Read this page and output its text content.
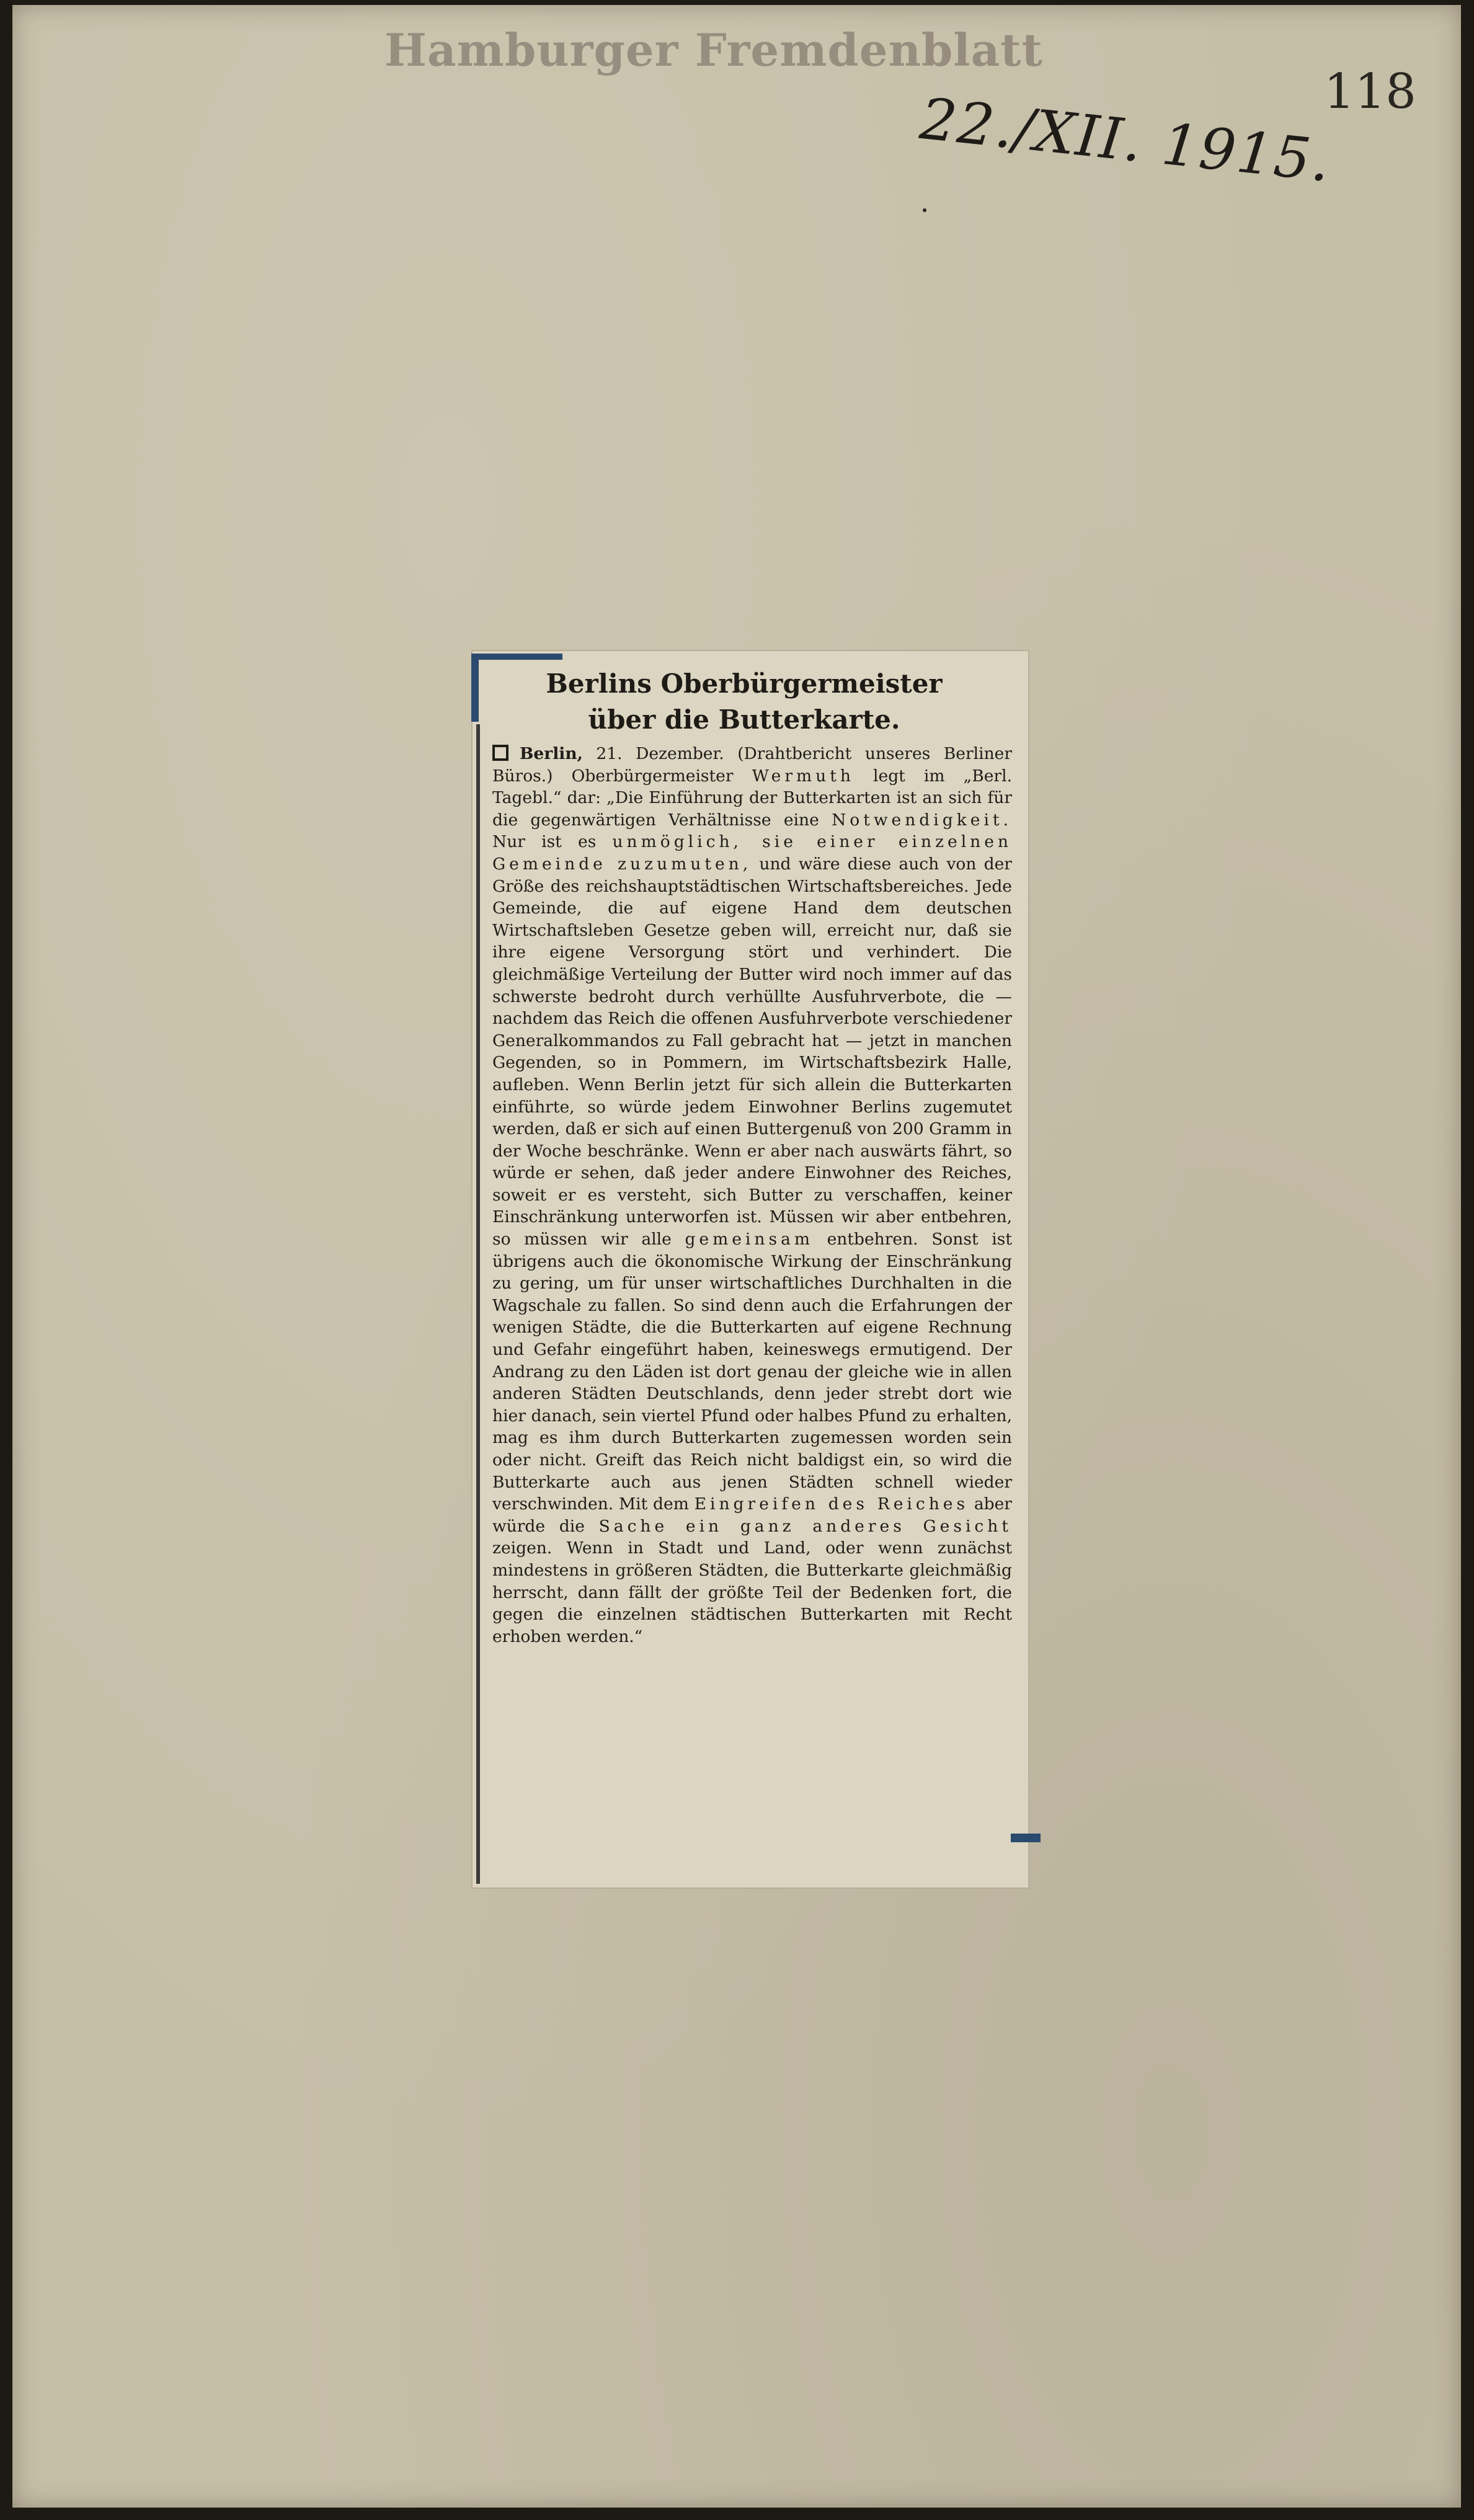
Hamburger Fremdenblatt
22./XII. 1915.
118
Berlins Oberbürgermeister
über die Butterkarte.
Berlin, 21. Dezember. (Drahtbericht unseres Berliner Büros.) Oberbürgermeister Wermuth legt im „Berl. Tagebl.“ dar: „Die Einführung der Butterkarten ist an sich für die gegenwärtigen Verhältnisse eine Notwendigkeit. Nur ist es unmöglich, sie einer einzelnen Gemeinde zuzumuten, und wäre diese auch von der Größe des reichshauptstädtischen Wirtschaftsbereiches. Jede Gemeinde, die auf eigene Hand dem deutschen Wirtschaftsleben Gesetze geben will, erreicht nur, daß sie ihre eigene Versorgung stört und verhindert. Die gleichmäßige Verteilung der Butter wird noch immer auf das schwerste bedroht durch verhüllte Ausfuhrverbote, die — nachdem das Reich die offenen Ausfuhrverbote verschiedener Generalkommandos zu Fall gebracht hat — jetzt in manchen Gegenden, so in Pommern, im Wirtschaftsbezirk Halle, aufleben. Wenn Berlin jetzt für sich allein die Butterkarten einführte, so würde jedem Einwohner Berlins zugemutet werden, daß er sich auf einen Buttergenuß von 200 Gramm in der Woche beschränke. Wenn er aber nach auswärts fährt, so würde er sehen, daß jeder andere Einwohner des Reiches, soweit er es versteht, sich Butter zu verschaffen, keiner Einschränkung unterworfen ist. Müssen wir aber entbehren, so müssen wir alle gemeinsam entbehren. Sonst ist übrigens auch die ökonomische Wirkung der Einschränkung zu gering, um für unser wirtschaftliches Durchhalten in die Wagschale zu fallen. So sind denn auch die Erfahrungen der wenigen Städte, die die Butterkarten auf eigene Rechnung und Gefahr eingeführt haben, keineswegs ermutigend. Der Andrang zu den Läden ist dort genau der gleiche wie in allen anderen Städten Deutschlands, denn jeder strebt dort wie hier danach, sein viertel Pfund oder halbes Pfund zu erhalten, mag es ihm durch Butterkarten zugemessen worden sein oder nicht. Greift das Reich nicht baldigst ein, so wird die Butterkarte auch aus jenen Städten schnell wieder verschwinden. Mit dem Eingreifen des Reiches aber würde die Sache ein ganz anderes Gesicht zeigen. Wenn in Stadt und Land, oder wenn zunächst mindestens in größeren Städten, die Butterkarte gleichmäßig herrscht, dann fällt der größte Teil der Bedenken fort, die gegen die einzelnen städtischen Butterkarten mit Recht erhoben werden.“
